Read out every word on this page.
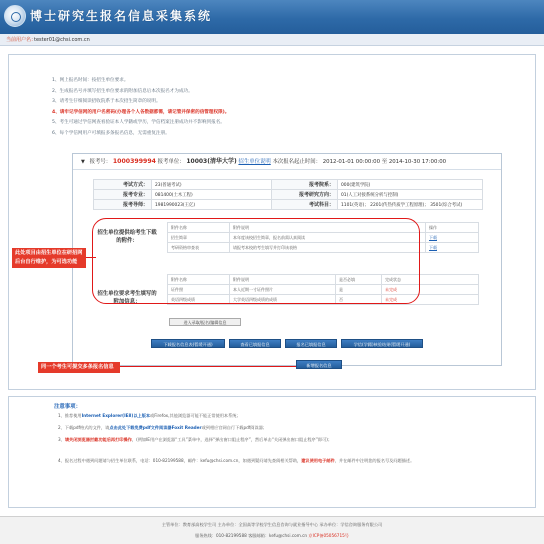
博士研究生报名信息采集系统
当前用户名：
tester01@chsi.com.cn
1、网上报名时间：按招生单位要求。
2、生成报名号并填写招生单位要求的附加信息后本次报名才为成功。
3、请考生仔细阅读招收院系于本次招生简章的说明。
4、请牢记学信网的用户名密码(办理各个人各数据都需，请记管并保密的信管理权限)。
5、考生可通过学信网查看验证本人学籍或学历，学信档案注册成功并不影响到报名。
6、每个学信网用户可填报多条报名信息，无需重复注册。
▼ 报考号： 1000399994 报考单位： 10003(清华大学) 招生单位说明 本次报名起止时间： 2012-01-01 00:00:00 至 2014-10-30 17:00:00
考试方式：	23(普通考试)	报考院系：	000(建筑学院)
报考专业：	081400(土木工程)	报考研究方向：	01(人工对接系统分析与控制)
报考导师：	1981990023(王亿)	考试科目：	1101(英语)； 2201(传热传质学工程原理)； 3501(综合考试)
招生单位提供给考生下载的附件：
附件名称	附件说明	操作
招生简章	本年度该校招生简章，报名前需认真阅读	下载
考研资格审查表	请报考本校的考生填写并打印该表格	下载
招生单位要求考生填写的附加信息：
附件名称	附件说明	是否必填	完成状态
证件照	本人近期一寸证件照片	是	未完成
英语四级成绩	大学英语四级成绩的成绩	否	未完成
进入录取/报名/编辑信息
下载报名信息表(暂缓开通)	查看已填报信息	报名已填报信息	学信(学籍)核验结果(暂缓开通)
新增报名信息
此处项目由招生单位在研招网后台自行维护，为可选功能
同一个考生可提交多条报名信息
注意事项：
1、推荐使用Internet Explorer(IE8)以上版本或Firefox,其他浏览器可能不能正常使用本系统；
2、下载pdf格式的文件，请点击此处下载免费pdf文件阅读器Foxit Reader或到相应官网自行下载pdf阅读器；
3、请关闭浏览器拦截功能后再打印操作，(例如IE用户在浏览器“工具”菜单中，选择“弹出窗口阻止程序”，然后单击“关闭弹出窗口阻止程序”即可)；
4、报名过程中遇到问题请与招生单位联系，电话：010-82199588，邮件：kefu@chsi.com.cn，如遇到疑问请先查阅相关帮助，建议使用电子邮件，并在邮件中注明您的报名号及问题描述。
主管单位：教育部高校学生司 主办单位：全国高等学校学生信息咨询与就业指导中心 承办单位：学信咨询服务有限公司
服务热线：010-82199588 客服邮箱：kefu@chsi.com.cn 京ICP备05056715号
